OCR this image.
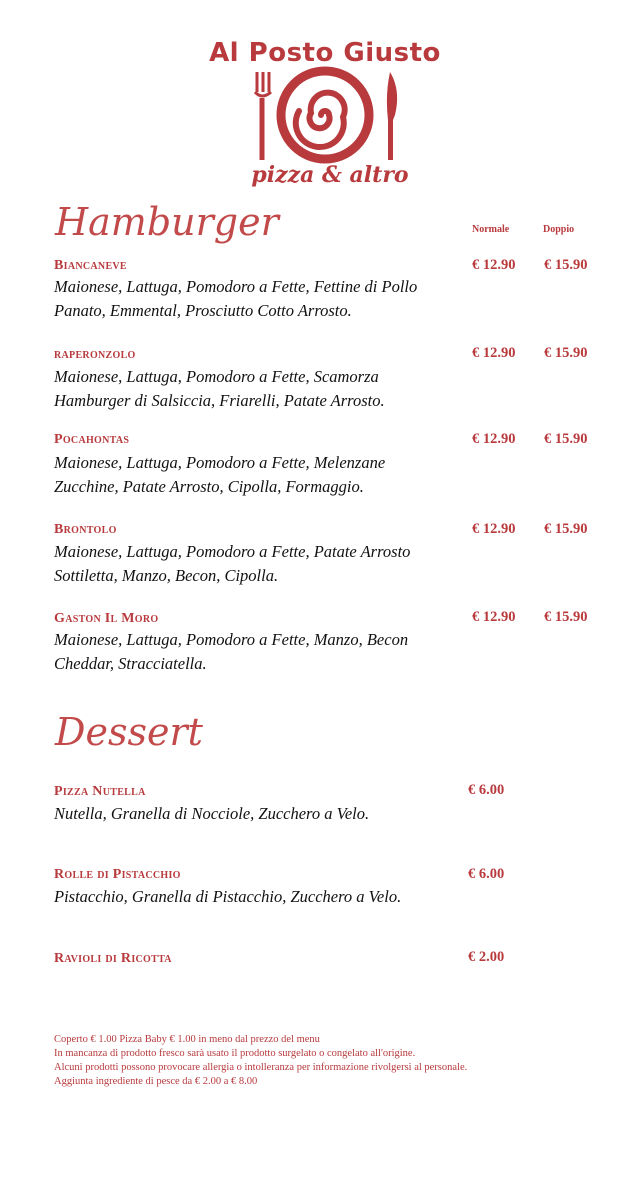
Al Posto Giusto
pizza & altro
Hamburger	Normale	Doppio
Biancaneve	€ 12.90 € 15.90
Maionese, Lattuga, Pomodoro a Fette, Fettine di Pollo
Panato, Emmental, Prosciutto Cotto Arrosto.
raperonzolo	€ 12.90 € 15.90
Maionese, Lattuga, Pomodoro a Fette, Scamorza
Hamburger di Salsiccia, Friarelli, Patate Arrosto.
Pocahontas	€ 12.90 € 15.90
Maionese, Lattuga, Pomodoro a Fette, Melenzane
Zucchine, Patate Arrosto, Cipolla, Formaggio.
Brontolo	€ 12.90 € 15.90
Maionese, Lattuga, Pomodoro a Fette, Patate Arrosto
Sottiletta, Manzo, Becon, Cipolla.
Gaston Il Moro	€ 12.90 € 15.90
Maionese, Lattuga, Pomodoro a Fette, Manzo, Becon
Cheddar, Stracciatella.
Dessert
Pizza Nutella	€ 6.00
Nutella, Granella di Nocciole, Zucchero a Velo.
Rolle di Pistacchio	€ 6.00
Pistacchio, Granella di Pistacchio, Zucchero a Velo.
Ravioli di Ricotta	€ 2.00
Coperto € 1.00 Pizza Baby € 1.00 in meno dal prezzo del menu
In mancanza di prodotto fresco sarà usato il prodotto surgelato o congelato all'origine.
Alcuni prodotti possono provocare allergia o intolleranza per informazione rivolgersi al personale.
Aggiunta ingrediente di pesce da € 2.00 a € 8.00
